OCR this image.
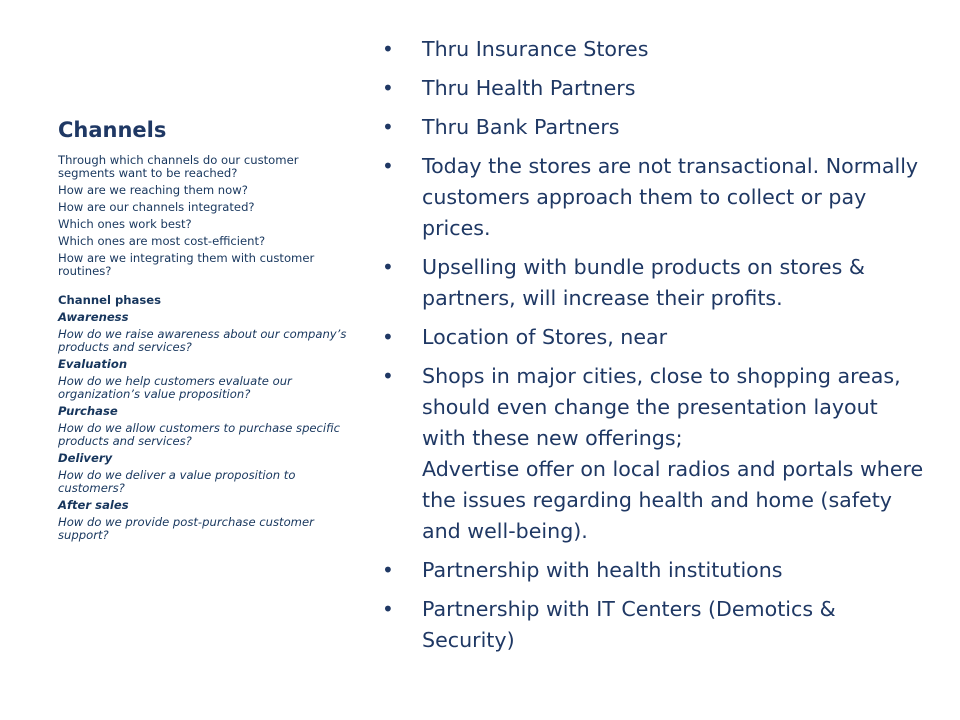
Channels
Through which channels do our customer segments want to be reached?
How are we reaching them now?
How are our channels integrated?
Which ones work best?
Which ones are most cost-efficient?
How are we integrating them with customer routines?
Channel phases
Awareness
How do we raise awareness about our company’s products and services?
Evaluation
How do we help customers evaluate our organization’s value proposition?
Purchase
How do we allow customers to purchase specific products and services?
Delivery
How do we deliver a value proposition to customers?
After sales
How do we provide post-purchase customer support?
• Thru Insurance Stores
• Thru Health Partners
• Thru Bank Partners
• Today the stores are not transactional. Normally customers approach them to collect or pay prices.
• Upselling with bundle products on stores & partners, will increase their profits.
• Location of Stores, near
• Shops in major cities, close to shopping areas, should even change the presentation layout with these new offerings;
Advertise offer on local radios and portals where the issues regarding health and home (safety and well-being).
• Partnership with health institutions
• Partnership with IT Centers (Demotics & Security)
